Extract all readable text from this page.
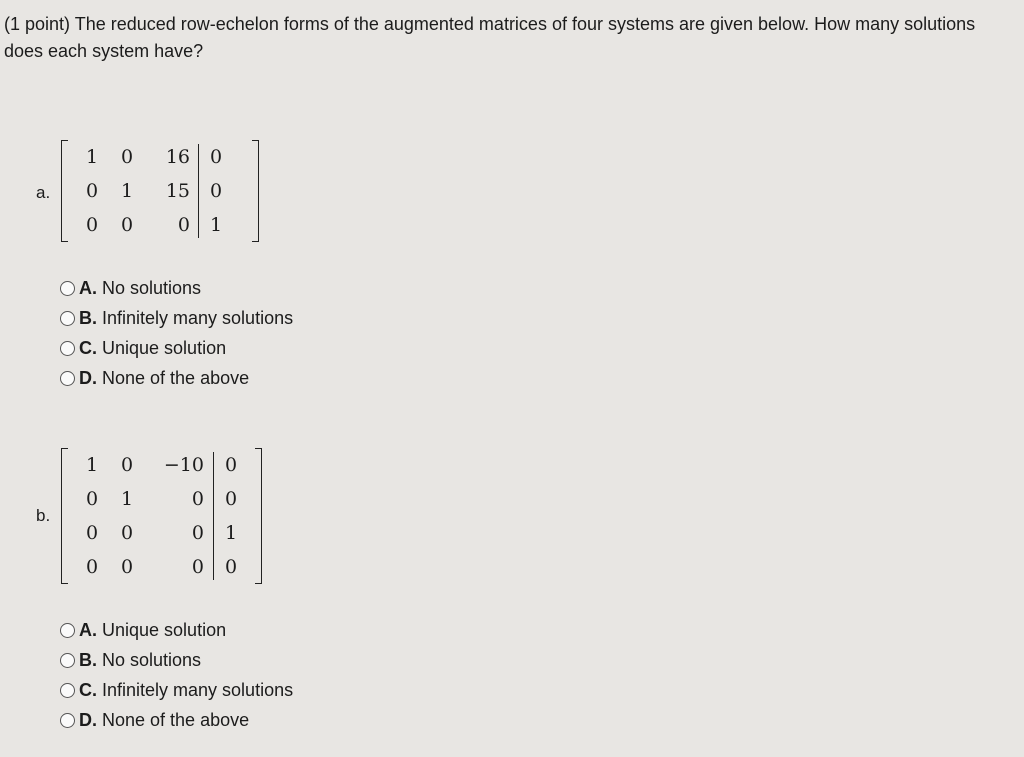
(1 point) The reduced row-echelon forms of the augmented matrices of four systems are given below. How many solutions does each system have?
a.
1 0	16 0
0 1	15 0
0 0	0 1
A. No solutions
B. Infinitely many solutions
C. Unique solution
D. None of the above
b.
1 0	−10 0
0 1	0 0
0 0	0 1
0 0	0 0
A. Unique solution
B. No solutions
C. Infinitely many solutions
D. None of the above
